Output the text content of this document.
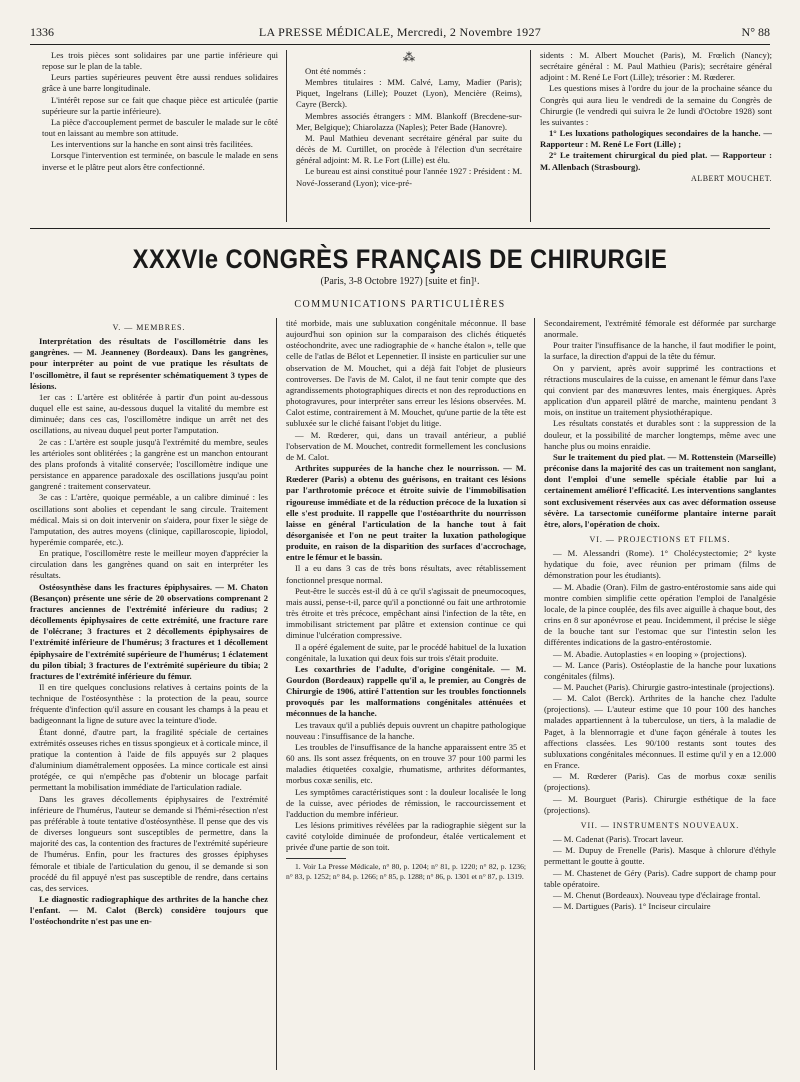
1336	LA PRESSE MÉDICALE, Mercredi, 2 Novembre 1927	N° 88

Les trois pièces sont solidaires par une partie inférieure qui repose sur le plan de la table.

Leurs parties supérieures peuvent être aussi rendues solidaires grâce à une barre longitudinale.

L'intérêt repose sur ce fait que chaque pièce est articulée (partie supérieure sur la partie inférieure).

La pièce d'accouplement permet de basculer le malade sur le côté tout en laissant au membre son attitude.

Les interventions sur la hanche en sont ainsi très facilitées.

Lorsque l'intervention est terminée, on bascule le malade en sens inverse et le plâtre peut alors être confectionné.

⁂

Ont été nommés :

Membres titulaires : MM. Calvé, Lamy, Madier (Paris); Piquet, Ingelrans (Lille); Pouzet (Lyon), Mencière (Reims), Cayre (Berck).

Membres associés étrangers : MM. Blankoff (Brecdene-sur-Mer, Belgique); Chiarolazza (Naples); Peter Bade (Hanovre).

M. Paul Mathieu devenant secrétaire général par suite du décès de M. Curtillet, on procède à l'élection d'un secrétaire général adjoint: M. R. Le Fort (Lille) est élu.

Le bureau est ainsi constitué pour l'année 1927 : Président : M. Nové-Josserand (Lyon); vice-pré-

sidents : M. Albert Mouchet (Paris), M. Frœlich (Nancy); secrétaire général : M. Paul Mathieu (Paris); secrétaire général adjoint : M. René Le Fort (Lille); trésorier : M. Rœderer.

Les questions mises à l'ordre du jour de la prochaine séance du Congrès qui aura lieu le vendredi de la semaine du Congrès de Chirurgie (le vendredi qui suivra le 2e lundi d'Octobre 1928) sont les suivantes :

1° Les luxations pathologiques secondaires de la hanche. — Rapporteur : M. René Le Fort (Lille) ;

2° Le traitement chirurgical du pied plat. — Rapporteur : M. Allenbach (Strasbourg).

ALBERT MOUCHET.

XXXVIe CONGRÈS FRANÇAIS DE CHIRURGIE
(Paris, 3-8 Octobre 1927) [suite et fin]¹.
COMMUNICATIONS PARTICULIÈRES
V. — MEMBRES.

Interprétation des résultats de l'oscillométrie dans les gangrènes. — M. Jeanneney (Bordeaux). Dans les gangrènes, pour interpréter au point de vue pratique les résultats de l'oscillomètre, il faut se représenter schématiquement 3 types de lésions.

1er cas : L'artère est oblitérée à partir d'un point au-dessous duquel elle est saine, au-dessous duquel la vitalité du membre est diminuée; dans ces cas, l'oscillomètre indique un arrêt net des oscillations, au niveau duquel peut porter l'amputation.

2e cas : L'artère est souple jusqu'à l'extrémité du membre, seules les artérioles sont oblitérées ; la gangrène est un manchon entourant des plans profonds à vitalité conservée; l'oscillomètre indique une persistance en apparence paradoxale des oscillations jusqu'au point gangrené : traitement conservateur.

3e cas : L'artère, quoique perméable, a un calibre diminué : les oscillations sont abolies et cependant le sang circule. Traitement médical. Mais si on doit intervenir on s'aidera, pour fixer le siège de l'amputation, des autres moyens (clinique, capillaroscopie, lipiodol, hyperémie comparée, etc.).

En pratique, l'oscillomètre reste le meilleur moyen d'apprécier la circulation dans les gangrènes quand on sait en interpréter les résultats.

Ostéosynthèse dans les fractures épiphysaires. — M. Chaton (Besançon) présente une série de 20 observations comprenant 2 fractures anciennes de l'extrémité inférieure du radius; 2 décollements épiphysaires de cette extrémité, une fracture rare de l'olécrane; 3 fractures et 2 décollements épiphysaires de l'extrémité inférieure de l'humérus; 3 fractures et 1 décollement épiphysaire de l'extrémité supérieure de l'humérus; 1 éclatement du pilon tibial; 3 fractures de l'extrémité supérieure du tibia; 2 fractures de l'extrémité inférieure du fémur.

Il en tire quelques conclusions relatives à certains points de la technique de l'ostéosynthèse : la protection de la peau, source fréquente d'infection qu'il assure en cousant les champs à la peau et badigeonnant la ligne de suture avec la teinture d'iode.

Étant donné, d'autre part, la fragilité spéciale de certaines extrémités osseuses riches en tissus spongieux et à corticale mince, il pratique la contention à l'aide de fils appuyés sur 2 plaques d'aluminium diamétralement opposées. La mince corticale est ainsi protégée, ce qui n'empêche pas d'obtenir un blocage parfait permettant la mobilisation immédiate de l'articulation radiale.

Dans les graves décollements épiphysaires de l'extrémité inférieure de l'humérus, l'auteur se demande si l'hémi-résection n'est pas préférable à toute tentative d'ostéosynthèse. Il pense que des vis de diverses longueurs sont susceptibles de permettre, dans la majorité des cas, la contention des fractures de l'extrémité supérieure de l'humérus. Enfin, pour les fractures des grosses épiphyses fémorale et tibiale de l'articulation du genou, il se demande si son procédé du fil appuyé n'est pas susceptible de rendre, dans certains cas, des services.

Le diagnostic radiographique des arthrites de la hanche chez l'enfant. — M. Calot (Berck) considère toujours que l'ostéochondrite n'est pas une en-

tité morbide, mais une subluxation congénitale méconnue. Il base aujourd'hui son opinion sur la comparaison des clichés étiquetés ostéochondrite, avec une radiographie de « hanche étalon », telle que celle de l'atlas de Bélot et Lepennetier. Il insiste en particulier sur une observation de M. Mouchet, qui a déjà fait l'objet de plusieurs controverses. De l'avis de M. Calot, il ne faut tenir compte que des agrandissements photographiques directs et non des reproductions en photogravures, pour interpréter sans erreur les lésions observées. M. Calot estime, contrairement à M. Mouchet, qu'une partie de la tête est subluxée sur le cliché faisant l'objet du litige.

— M. Rœderer, qui, dans un travail antérieur, a publié l'observation de M. Mouchet, contredit formellement les conclusions de M. Calot.

Arthrites suppurées de la hanche chez le nourrisson. — M. Rœderer (Paris) a obtenu des guérisons, en traitant ces lésions par l'arthrotomie précoce et étroite suivie de l'immobilisation rigoureuse immédiate et de la réduction précoce de la luxation si elle s'est produite. Il rappelle que l'ostéoarthrite du nourrisson laisse en général l'articulation de la hanche tout à fait désorganisée et l'on ne peut traiter la luxation pathologique produite, en raison de la disparition des surfaces d'accrochage, entre le fémur et le bassin.

Il a eu dans 3 cas de très bons résultats, avec rétablissement fonctionnel presque normal.

Peut-être le succès est-il dû à ce qu'il s'agissait de pneumocoques, mais aussi, pense-t-il, parce qu'il a ponctionné ou fait une arthrotomie très étroite et très précoce, empêchant ainsi l'infection de la tête, en immobilisant strictement par plâtre et extension continue ce qui diminue l'ulcération compressive.

Il a opéré également de suite, par le procédé habituel de la luxation congénitale, la luxation qui deux fois sur trois s'était produite.

Les coxarthries de l'adulte, d'origine congénitale. — M. Gourdon (Bordeaux) rappelle qu'il a, le premier, au Congrès de Chirurgie de 1906, attiré l'attention sur les troubles fonctionnels provoqués par les malformations congénitales atténuées et méconnues de la hanche.

Les travaux qu'il a publiés depuis ouvrent un chapitre pathologique nouveau : l'insuffisance de la hanche.

Les troubles de l'insuffisance de la hanche apparaissent entre 35 et 60 ans. Ils sont assez fréquents, on en trouve 37 pour 100 parmi les maladies étiquetées coxalgie, rhumatisme, arthrites déformantes, morbus coxæ senilis, etc.

Les symptômes caractéristiques sont : la douleur localisée le long de la cuisse, avec périodes de rémission, le raccourcissement et l'adduction du membre inférieur.

Les lésions primitives révélées par la radiographie siègent sur la cavité cotyloïde diminuée de profondeur, étalée verticalement et privée d'une partie de son toit.

1. Voir La Presse Médicale, n° 80, p. 1204; n° 81, p. 1220; n° 82, p. 1236; n° 83, p. 1252; n° 84, p. 1266; n° 85, p. 1288; n° 86, p. 1301 et n° 87, p. 1319.

Secondairement, l'extrémité fémorale est déformée par surcharge anormale.

Pour traiter l'insuffisance de la hanche, il faut modifier le point, la surface, la direction d'appui de la tête du fémur.

On y parvient, après avoir supprimé les contractions et rétractions musculaires de la cuisse, en amenant le fémur dans l'axe qui convient par des manœuvres lentes, mais énergiques. Après application d'un appareil plâtré de marche, maintenu pendant 3 mois, on institue un traitement physiothérapique.

Les résultats constatés et durables sont : la suppression de la douleur, et la possibilité de marcher longtemps, même avec une hanche plus ou moins enraidie.

Sur le traitement du pied plat. — M. Rottenstein (Marseille) préconise dans la majorité des cas un traitement non sanglant, dont l'emploi d'une semelle spéciale établie par lui a certainement amélioré l'efficacité. Les interventions sanglantes sont exclusivement réservées aux cas avec déformation osseuse sévère. La tarsectomie cunéiforme plantaire interne paraît être, alors, l'opération de choix.

VI. — PROJECTIONS ET FILMS.

— M. Alessandri (Rome). 1° Cholécystectomie; 2° kyste hydatique du foie, avec réunion per primam (films de démonstration pour les étudiants).

— M. Abadie (Oran). Film de gastro-entérostomie sans aide qui montre combien simplifie cette opération l'emploi de l'analgésie locale, de la pince couplée, des fils avec aiguille à chaque bout, des crins en 8 sur aponévrose et peau. Incidemment, il précise le siège de la bouche tant sur l'estomac que sur l'intestin selon les différentes indications de la gastro-entérostomie.

— M. Abadie. Autoplasties « en looping » (projections).

— M. Lance (Paris). Ostéoplastie de la hanche pour luxations congénitales (films).

— M. Pauchet (Paris). Chirurgie gastro-intestinale (projections).

— M. Calot (Berck). Arthrites de la hanche chez l'adulte (projections). — L'auteur estime que 10 pour 100 des hanches malades appartiennent à la tuberculose, un tiers, à la maladie de Paget, à la blennorragie et d'une façon générale à toutes les affections classées. Les 90/100 restants sont toutes des subluxations congénitales méconnues. Il estime qu'il y en a 12.000 en France.

— M. Rœderer (Paris). Cas de morbus coxæ senilis (projections).

— M. Bourguet (Paris). Chirurgie esthétique de la face (projections).

VII. — INSTRUMENTS NOUVEAUX.

— M. Cadenat (Paris). Trocart laveur.

— M. Dupuy de Frenelle (Paris). Masque à chlorure d'éthyle permettant le goutte à goutte.

— M. Chastenet de Géry (Paris). Cadre support de champ pour table opératoire.

— M. Chenut (Bordeaux). Nouveau type d'éclairage frontal.

— M. Dartigues (Paris). 1° Inciseur circulaire
